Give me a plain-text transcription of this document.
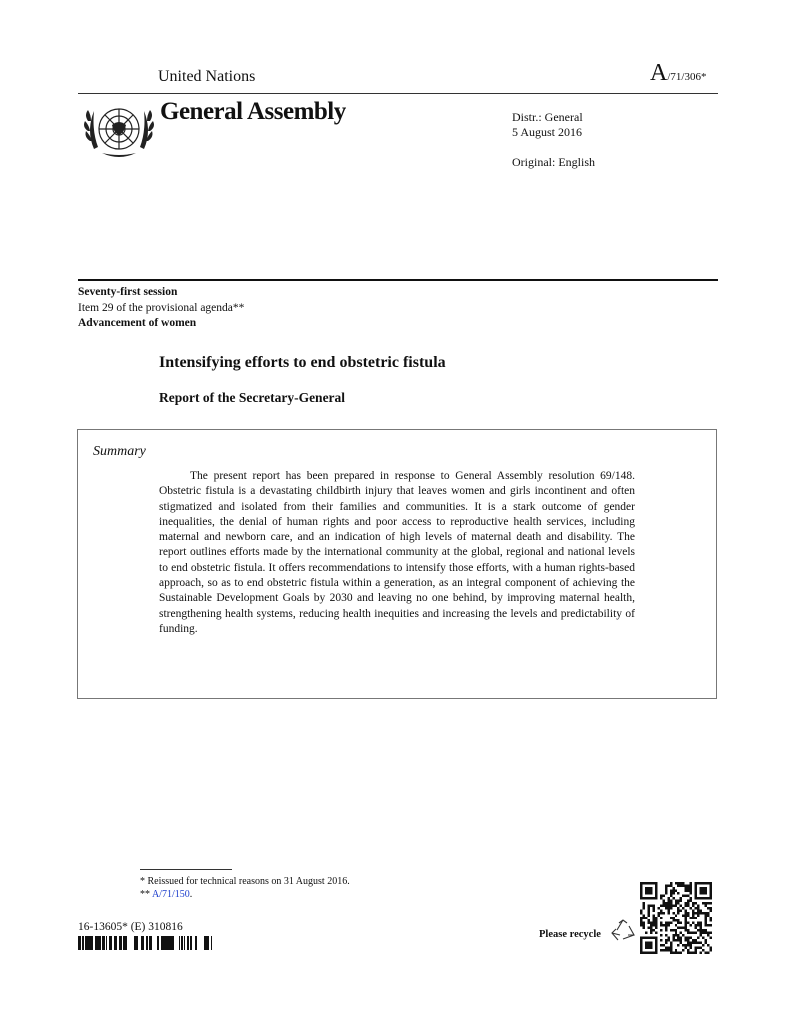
United Nations	A/71/306*
General Assembly	Distr.: General
5 August 2016
Original: English
Seventy-first session
Item 29 of the provisional agenda**
Advancement of women
Intensifying efforts to end obstetric fistula
Report of the Secretary-General
Summary
The present report has been prepared in response to General Assembly resolution 69/148. Obstetric fistula is a devastating childbirth injury that leaves women and girls incontinent and often stigmatized and isolated from their families and communities. It is a stark outcome of gender inequalities, the denial of human rights and poor access to reproductive health services, including maternal and newborn care, and an indication of high levels of maternal death and disability. The report outlines efforts made by the international community at the global, regional and national levels to end obstetric fistula. It offers recommendations to intensify those efforts, with a human rights-based approach, so as to end obstetric fistula within a generation, as an integral component of achieving the Sustainable Development Goals by 2030 and leaving no one behind, by improving maternal health, strengthening health systems, reducing health inequities and increasing the levels and predictability of funding.
* Reissued for technical reasons on 31 August 2016.
** A/71/150.
16-13605* (E) 310816
Please recycle
